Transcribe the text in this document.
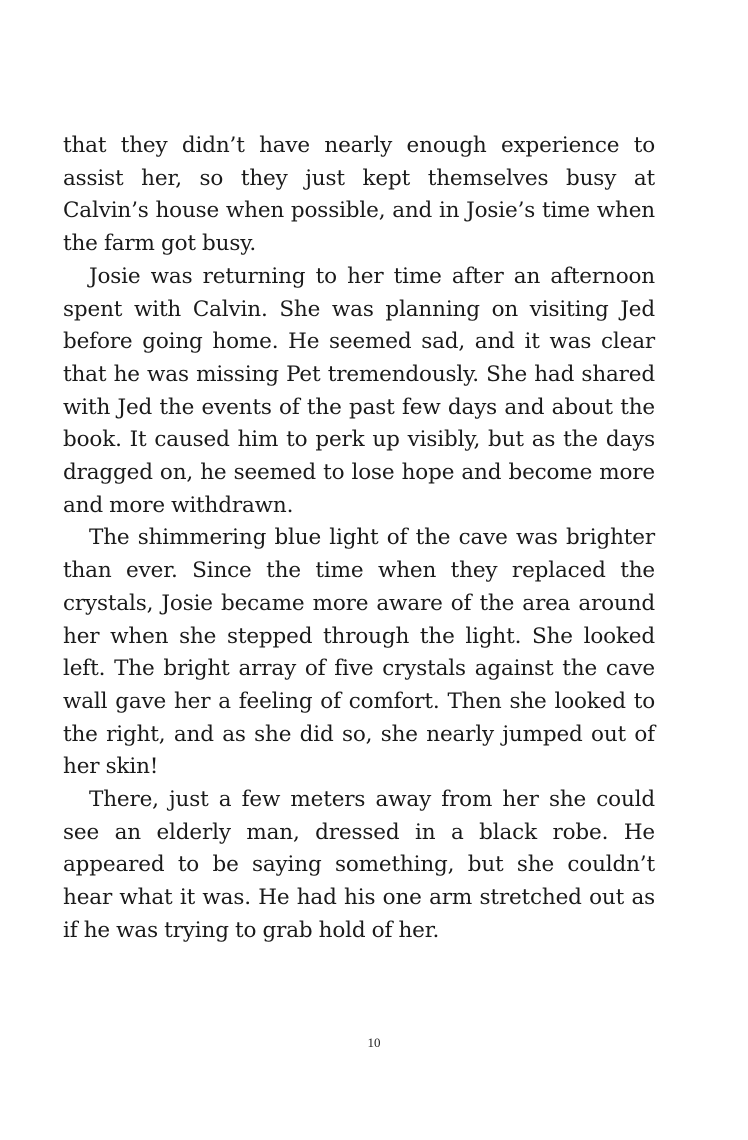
that they didn’t have nearly enough experience to assist her, so they just kept themselves busy at Calvin’s house when possible, and in Josie’s time when the farm got busy.

Josie was returning to her time after an afternoon spent with Calvin. She was planning on visiting Jed before going home. He seemed sad, and it was clear that he was missing Pet tremendously. She had shared with Jed the events of the past few days and about the book. It caused him to perk up visibly, but as the days dragged on, he seemed to lose hope and become more and more withdrawn.

The shimmering blue light of the cave was brighter than ever. Since the time when they replaced the crystals, Josie became more aware of the area around her when she stepped through the light. She looked left. The bright array of five crystals against the cave wall gave her a feeling of comfort. Then she looked to the right, and as she did so, she nearly jumped out of her skin!

There, just a few meters away from her she could see an elderly man, dressed in a black robe. He appeared to be saying something, but she couldn’t hear what it was. He had his one arm stretched out as if he was trying to grab hold of her.

10
